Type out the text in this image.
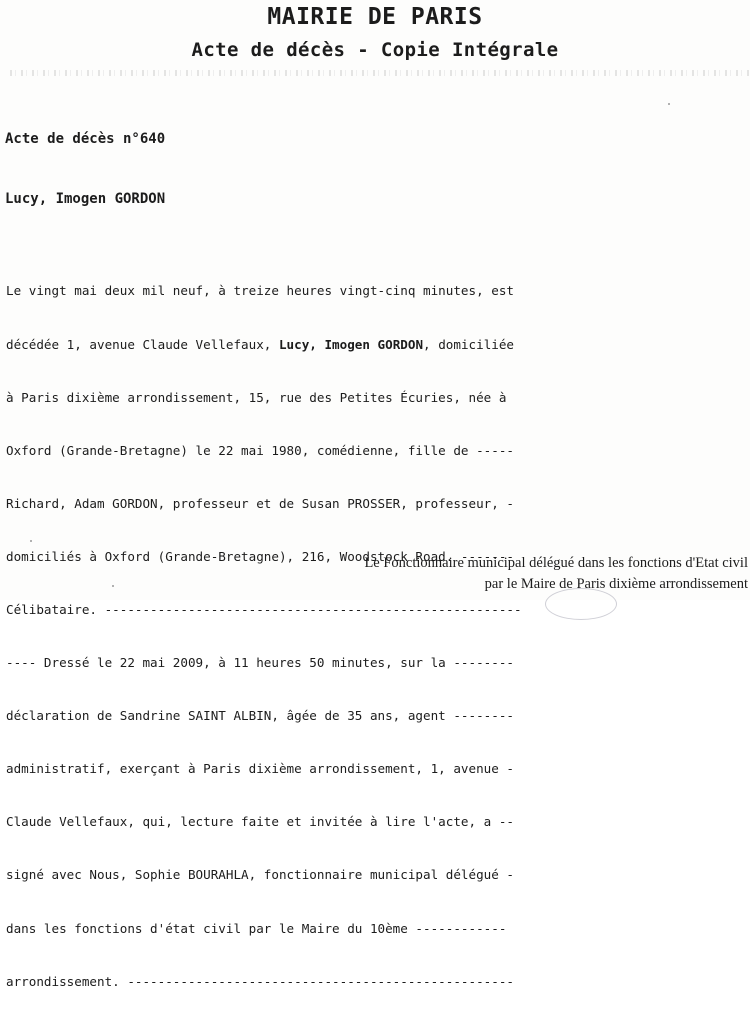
MAIRIE DE PARIS
Acte de décès - Copie Intégrale
Acte de décès n°640
Lucy, Imogen GORDON

Le vingt mai deux mil neuf, à treize heures vingt-cinq minutes, est

décédée 1, avenue Claude Vellefaux, Lucy, Imogen GORDON, domiciliée

à Paris dixième arrondissement, 15, rue des Petites Écuries, née à

Oxford (Grande-Bretagne) le 22 mai 1980, comédienne, fille de -----

Richard, Adam GORDON, professeur et de Susan PROSSER, professeur, -

domiciliés à Oxford (Grande-Bretagne), 216, Woodstock Road. -------

Célibataire. -------------------------------------------------------

---- Dressé le 22 mai 2009, à 11 heures 50 minutes, sur la --------

déclaration de Sandrine SAINT ALBIN, âgée de 35 ans, agent --------

administratif, exerçant à Paris dixième arrondissement, 1, avenue -

Claude Vellefaux, qui, lecture faite et invitée à lire l'acte, a --

signé avec Nous, Sophie BOURAHLA, fonctionnaire municipal délégué -

dans les fonctions d'état civil par le Maire du 10ème ------------

arrondissement. ---------------------------------------------------

Le Fonctionnaire municipal délégué dans les fonctions d'Etat civil
par le Maire de Paris dixième arrondissement
